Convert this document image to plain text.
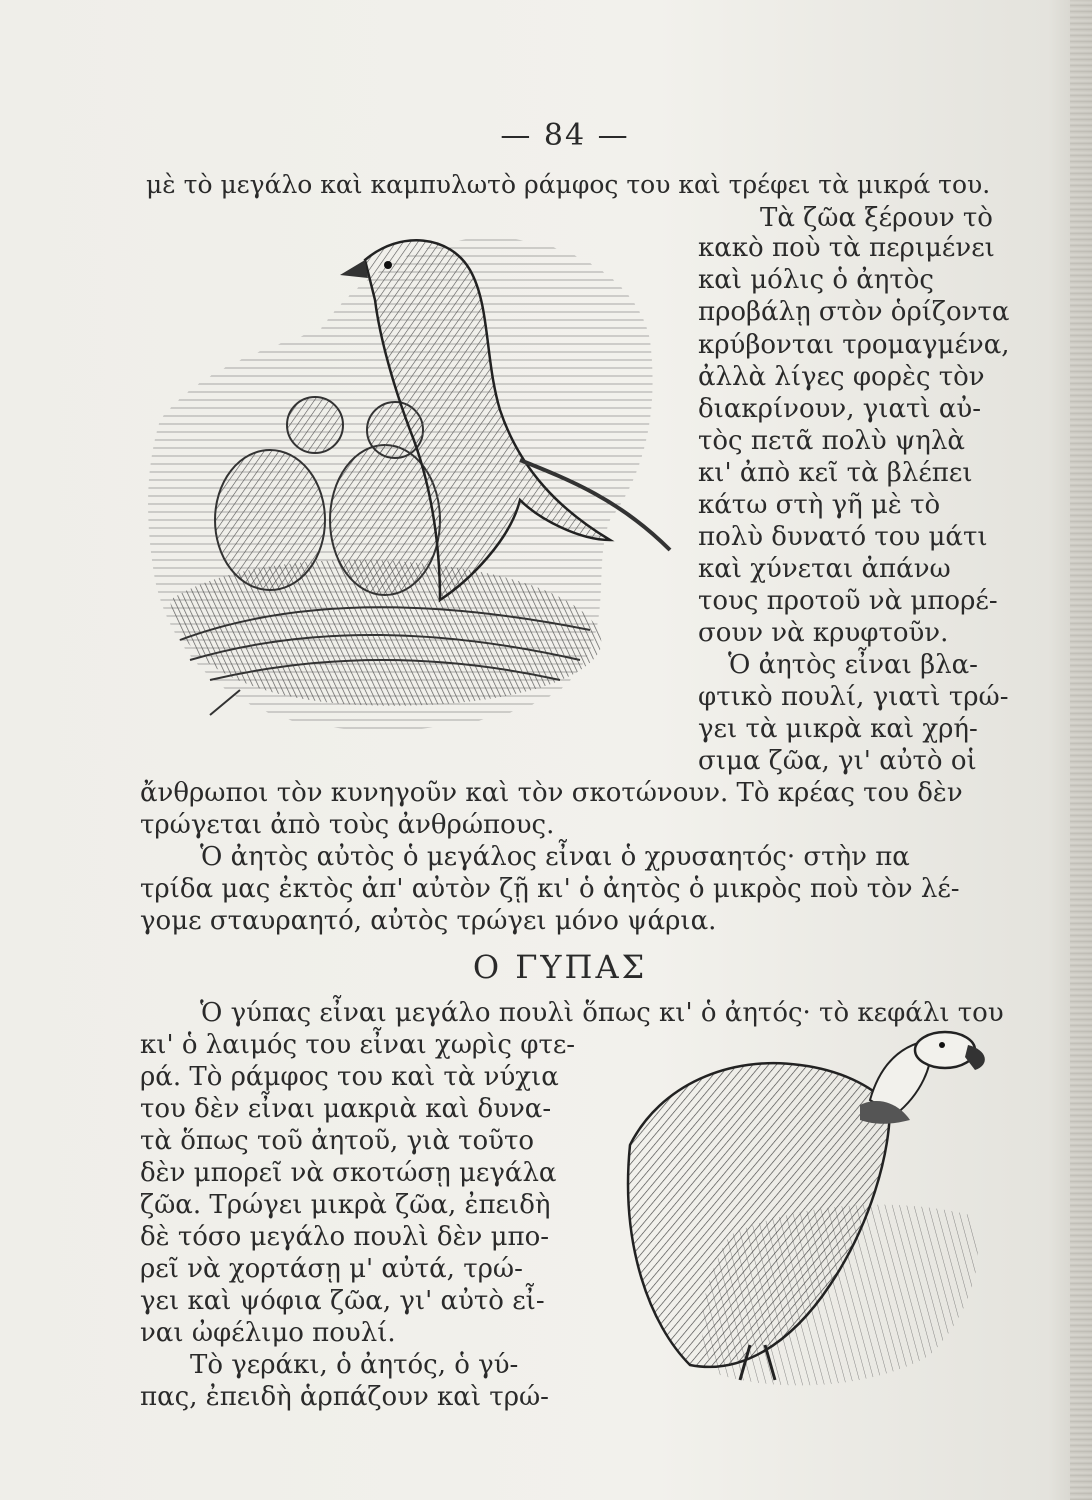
— 84 —
μὲ τὸ μεγάλο καὶ καμπυλωτὸ ράμφος του καὶ τρέφει τὰ μικρά του.
Τὰ ζῶα ξέρουν τὸ
κακὸ ποὺ τὰ περιμένει
καὶ μόλις ὁ ἀητὸς
προβάλῃ στὸν ὁρίζοντα
κρύβονται τρομαγμένα,
ἀλλὰ λίγες φορὲς τὸν
διακρίνουν, γιατὶ αὐ-
τὸς πετᾶ πολὺ ψηλὰ
κι' ἀπὸ κεῖ τὰ βλέπει
κάτω στὴ γῆ μὲ τὸ
πολὺ δυνατό του μάτι
καὶ χύνεται ἀπάνω
τους προτοῦ νὰ μπορέ-
σουν νὰ κρυφτοῦν.
Ὁ ἀητὸς εἶναι βλα-
φτικὸ πουλί, γιατὶ τρώ-
γει τὰ μικρὰ καὶ χρή-
σιμα ζῶα, γι' αὐτὸ οἱ
ἄνθρωποι τὸν κυνηγοῦν καὶ τὸν σκοτώνουν. Τὸ κρέας του δὲν
τρώγεται ἀπὸ τοὺς ἀνθρώπους.
Ὁ ἀητὸς αὐτὸς ὁ μεγάλος εἶναι ὁ χρυσαητός· στὴν πα
τρίδα μας ἐκτὸς ἀπ' αὐτὸν ζῇ κι' ὁ ἀητὸς ὁ μικρὸς ποὺ τὸν λέ-
γομε σταυραητό, αὐτὸς τρώγει μόνο ψάρια.
Ο ΓΥΠΑΣ
Ὁ γύπας εἶναι μεγάλο πουλὶ ὅπως κι' ὁ ἀητός· τὸ κεφάλι του
κι' ὁ λαιμός του εἶναι χωρὶς φτε-
ρά. Τὸ ράμφος του καὶ τὰ νύχια
του δὲν εἶναι μακριὰ καὶ δυνα-
τὰ ὅπως τοῦ ἀητοῦ, γιὰ τοῦτο
δὲν μπορεῖ νὰ σκοτώσῃ μεγάλα
ζῶα. Τρώγει μικρὰ ζῶα, ἐπειδὴ
δὲ τόσο μεγάλο πουλὶ δὲν μπο-
ρεῖ νὰ χορτάσῃ μ' αὐτά, τρώ-
γει καὶ ψόφια ζῶα, γι' αὐτὸ εἶ-
ναι ὠφέλιμο πουλί.
Τὸ γεράκι, ὁ ἀητός, ὁ γύ-
πας, ἐπειδὴ ἁρπάζουν καὶ τρώ-
